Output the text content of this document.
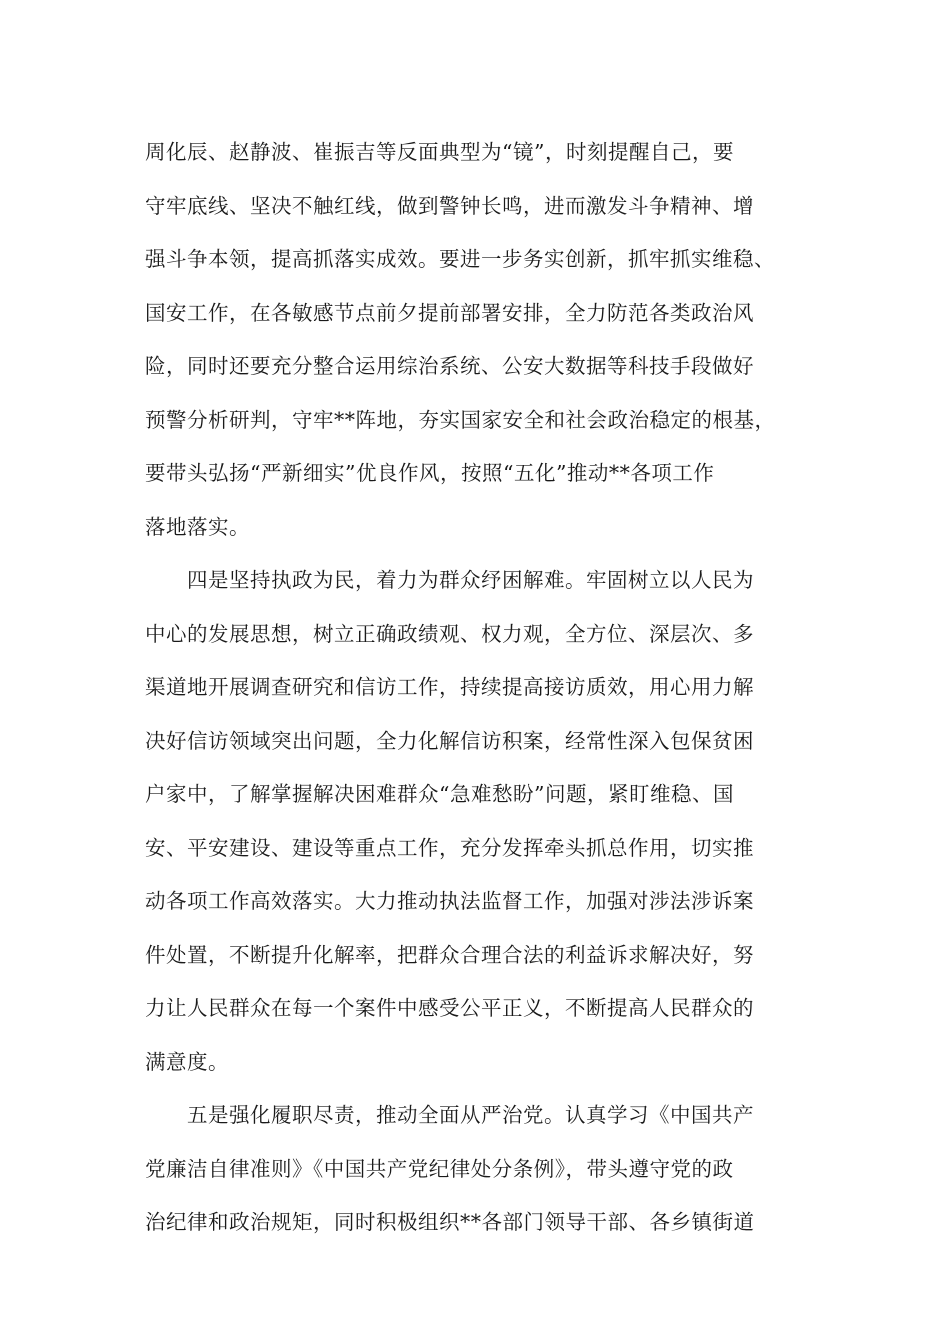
周化辰、赵静波、崔振吉等反面典型为“镜”，时刻提醒自己，要
守牢底线、坚决不触红线，做到警钟长鸣，进而激发斗争精神、增
强斗争本领，提高抓落实成效。要进一步务实创新，抓牢抓实维稳、
国安工作，在各敏感节点前夕提前部署安排，全力防范各类政治风
险，同时还要充分整合运用综治系统、公安大数据等科技手段做好
预警分析研判，守牢**阵地，夯实国家安全和社会政治稳定的根基，
要带头弘扬“严新细实”优良作风，按照“五化”推动**各项工作
落地落实。
　　四是坚持执政为民，着力为群众纾困解难。牢固树立以人民为
中心的发展思想，树立正确政绩观、权力观，全方位、深层次、多
渠道地开展调查研究和信访工作，持续提高接访质效，用心用力解
决好信访领域突出问题，全力化解信访积案，经常性深入包保贫困
户家中，了解掌握解决困难群众“急难愁盼”问题，紧盯维稳、国
安、平安建设、建设等重点工作，充分发挥牵头抓总作用，切实推
动各项工作高效落实。大力推动执法监督工作，加强对涉法涉诉案
件处置，不断提升化解率，把群众合理合法的利益诉求解决好，努
力让人民群众在每一个案件中感受公平正义，不断提高人民群众的
满意度。
　　五是强化履职尽责，推动全面从严治党。认真学习《中国共产
党廉洁自律准则》《中国共产党纪律处分条例》，带头遵守党的政
治纪律和政治规矩，同时积极组织**各部门领导干部、各乡镇街道
